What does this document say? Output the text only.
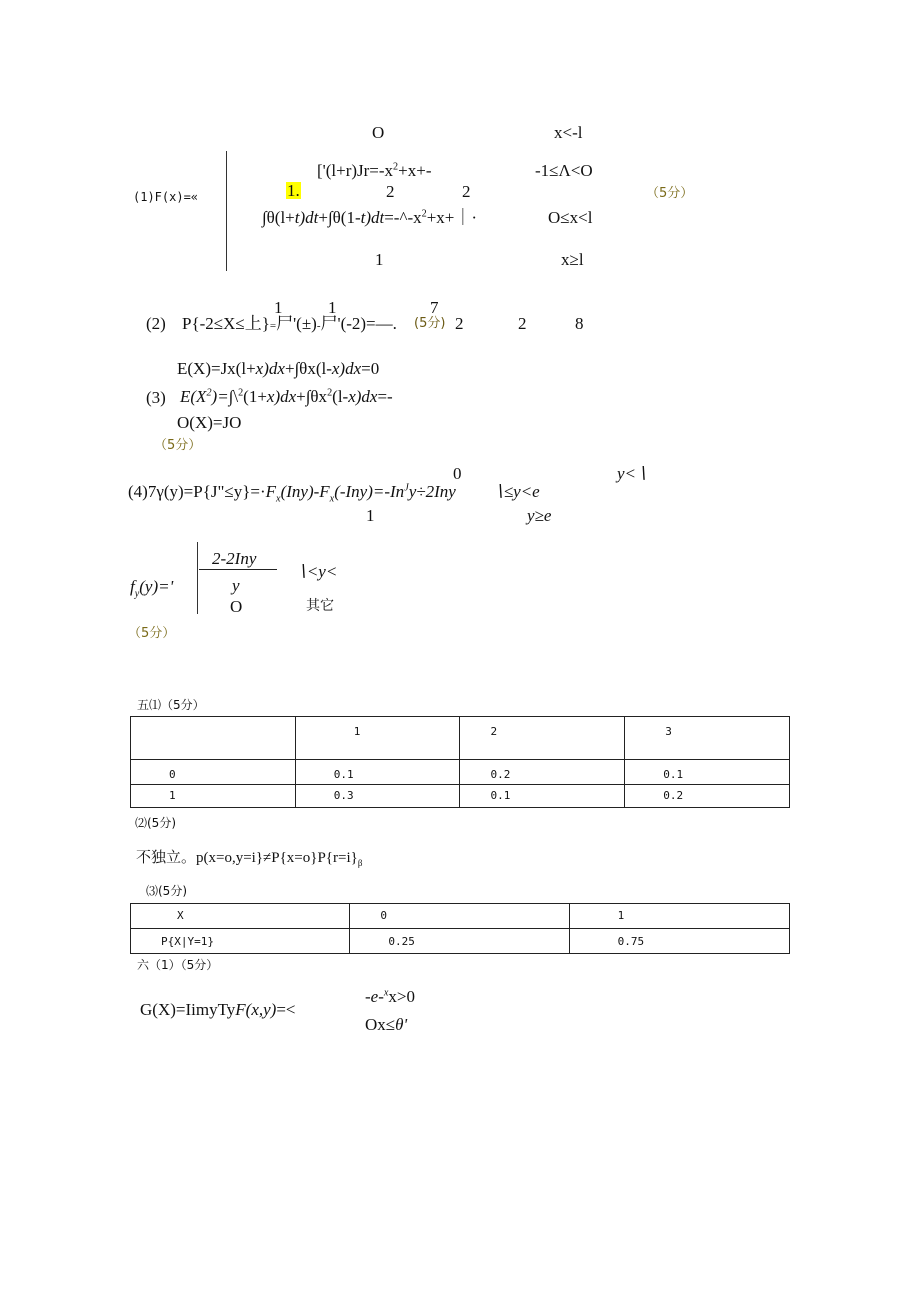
O	x<-l
['$(l+r)Jr=-x^2+x+-$	-1≤Λ<O
(1)F(x)=«	1.	2	2	（5分）
$\int\theta(l+t)dt+\int\theta(1-t)dt=-\^{}-x^2+x+|\cdot$	O≤x<l
1	x≥l
1	1	7
(2) P{-2≤X≤上}=尸'(±)-尸'(-2)=—. (5分) 2	2	8
E(X)=Jx(l+x)dx+∫θx(l-x)dx=0
(3) $E(X^2)=\int\backslash^2(1+x)dx+\int\theta x^2(l-x)dx=-$
O(X)=JO
（5分）
0	y<∖
$(4)7\gamma(y)=P\{J"\le y\}=\cdot F_x(Iny)-F_x(-Iny)=-In^Jy\div 2Iny$ ∖≤y<e
1	y≥e
2-2Iny
∖<y<
$f_y(y)='$	y
O	其它
（5分）
五⑴（5分）

	1	2	3

0	0.1	0.2	0.1

1	0.3	0.1	0.2
⑵(5分)
不独立。$p(x=o,y=i\}\ne P\{x=o\}P\{r=i\}_\beta$
⑶(5分)
X	0	1

P{X|Y=1}	0.25	0.75
六（1）（5分）
-e-$^x$x>0
G(X)=IimyTyF(x,y)=<
Ox≤θ'
